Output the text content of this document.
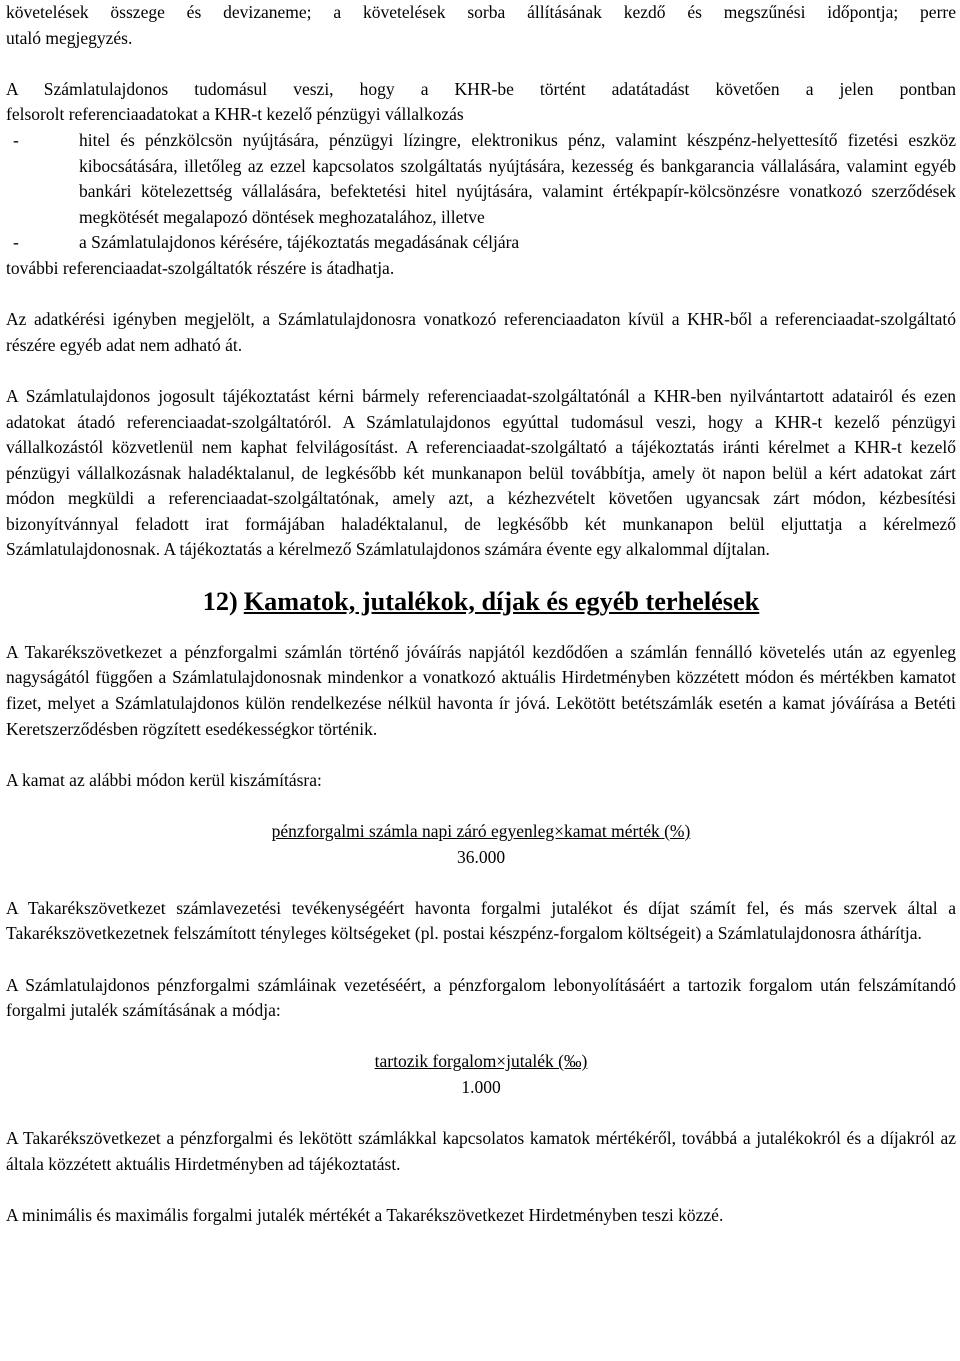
követelések összege és devizaneme; a követelések sorba állításának kezdő és megszűnési időpontja; perre

utaló megjegyzés.

A Számlatulajdonos tudomásul veszi, hogy a KHR-be történt adatátadást követően a jelen pontban

felsorolt referenciaadatokat a KHR-t kezelő pénzügyi vállalkozás

-	hitel és pénzkölcsön nyújtására, pénzügyi lízingre, elektronikus pénz, valamint készpénz-helyettesítő fizetési eszköz kibocsátására, illetőleg az ezzel kapcsolatos szolgáltatás nyújtására, kezesség és bankgarancia vállalására, valamint egyéb bankári kötelezettség vállalására, befektetési hitel nyújtására, valamint értékpapír-kölcsönzésre vonatkozó szerződések megkötését megalapozó döntések meghozatalához, illetve
-	a Számlatulajdonos kérésére, tájékoztatás megadásának céljára

további referenciaadat-szolgáltatók részére is átadhatja.

Az adatkérési igényben megjelölt, a Számlatulajdonosra vonatkozó referenciaadaton kívül a KHR-ből a referenciaadat-szolgáltató részére egyéb adat nem adható át.

A Számlatulajdonos jogosult tájékoztatást kérni bármely referenciaadat-szolgáltatónál a KHR-ben nyilvántartott adatairól és ezen adatokat átadó referenciaadat-szolgáltatóról. A Számlatulajdonos egyúttal tudomásul veszi, hogy a KHR-t kezelő pénzügyi vállalkozástól közvetlenül nem kaphat felvilágosítást. A referenciaadat-szolgáltató a tájékoztatás iránti kérelmet a KHR-t kezelő pénzügyi vállalkozásnak haladéktalanul, de legkésőbb két munkanapon belül továbbítja, amely öt napon belül a kért adatokat zárt módon megküldi a referenciaadat-szolgáltatónak, amely azt, a kézhezvételt követően ugyancsak zárt módon, kézbesítési bizonyítvánnyal feladott irat formájában haladéktalanul, de legkésőbb két munkanapon belül eljuttatja a kérelmező Számlatulajdonosnak. A tájékoztatás a kérelmező Számlatulajdonos számára évente egy alkalommal díjtalan.

12) Kamatok, jutalékok, díjak és egyéb terhelések

A Takarékszövetkezet a pénzforgalmi számlán történő jóváírás napjától kezdődően a számlán fennálló követelés után az egyenleg nagyságától függően a Számlatulajdonosnak mindenkor a vonatkozó aktuális Hirdetményben közzétett módon és mértékben kamatot fizet, melyet a Számlatulajdonos külön rendelkezése nélkül havonta ír jóvá. Lekötött betétszámlák esetén a kamat jóváírása a Betéti Keretszerződésben rögzített esedékességkor történik.

A kamat az alábbi módon kerül kiszámításra:

pénzforgalmi számla napi záró egyenleg×kamat mérték (%)

36.000

A Takarékszövetkezet számlavezetési tevékenységéért havonta forgalmi jutalékot és díjat számít fel, és más szervek által a Takarékszövetkezetnek felszámított tényleges költségeket (pl. postai készpénz-forgalom költségeit) a Számlatulajdonosra áthárítja.

A Számlatulajdonos pénzforgalmi számláinak vezetéséért, a pénzforgalom lebonyolításáért a tartozik forgalom után felszámítandó forgalmi jutalék számításának a módja:

tartozik forgalom×jutalék (‰)

1.000

A Takarékszövetkezet a pénzforgalmi és lekötött számlákkal kapcsolatos kamatok mértékéről, továbbá a jutalékokról és a díjakról az általa közzétett aktuális Hirdetményben ad tájékoztatást.

A minimális és maximális forgalmi jutalék mértékét a Takarékszövetkezet Hirdetményben teszi közzé.
